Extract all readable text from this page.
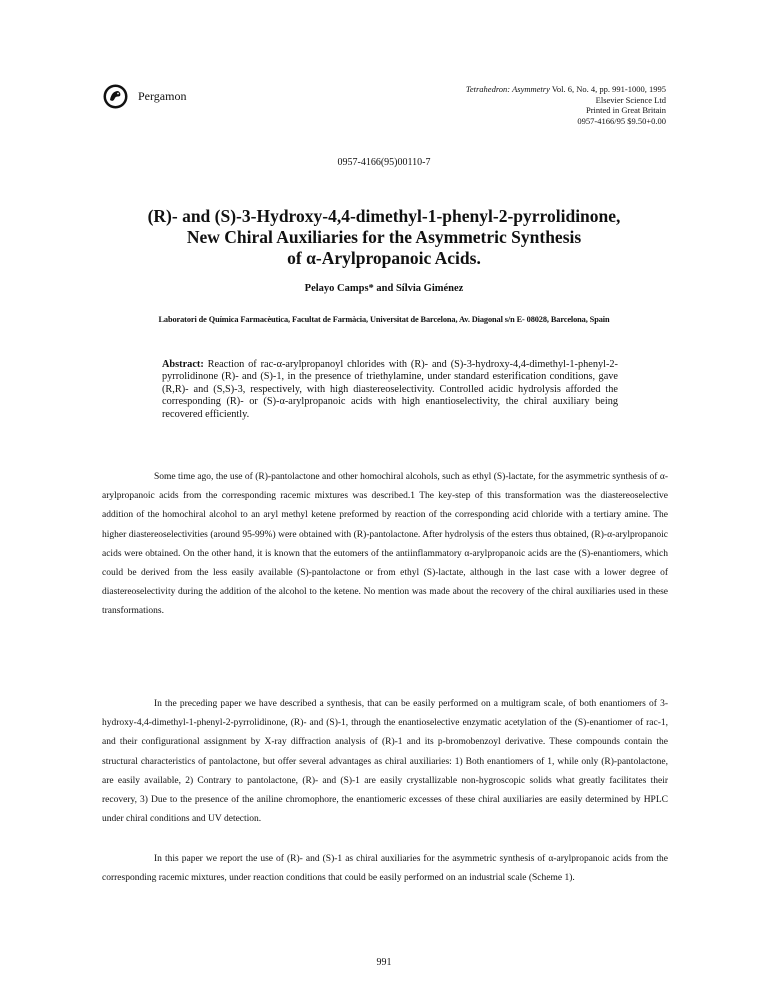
Pergamon	Tetrahedron: Asymmetry Vol. 6, No. 4, pp. 991-1000, 1995
Elsevier Science Ltd
Printed in Great Britain
0957-4166/95 $9.50+0.00
0957-4166(95)00110-7
(R)- and (S)-3-Hydroxy-4,4-dimethyl-1-phenyl-2-pyrrolidinone,
New Chiral Auxiliaries for the Asymmetric Synthesis
of α-Arylpropanoic Acids.
Pelayo Camps* and Sílvia Giménez
Laboratori de Química Farmacèutica, Facultat de Farmàcia, Universitat de Barcelona, Av. Diagonal s/n E- 08028, Barcelona, Spain

Abstract: Reaction of rac-α-arylpropanoyl chlorides with (R)- and (S)-3-hydroxy-4,4-dimethyl-1-phenyl-2-pyrrolidinone (R)- and (S)-1, in the presence of triethylamine, under standard esterification conditions, gave (R,R)- and (S,S)-3, respectively, with high diastereoselectivity. Controlled acidic hydrolysis afforded the corresponding (R)- or (S)-α-arylpropanoic acids with high enantioselectivity, the chiral auxiliary being recovered efficiently.

Some time ago, the use of (R)-pantolactone and other homochiral alcohols, such as ethyl (S)-lactate, for the asymmetric synthesis of α-arylpropanoic acids from the corresponding racemic mixtures was described.1 The key-step of this transformation was the diastereoselective addition of the homochiral alcohol to an aryl methyl ketene preformed by reaction of the corresponding acid chloride with a tertiary amine. The higher diastereoselectivities (around 95-99%) were obtained with (R)-pantolactone. After hydrolysis of the esters thus obtained, (R)-α-arylpropanoic acids were obtained. On the other hand, it is known that the eutomers of the antiinflammatory α-arylpropanoic acids are the (S)-enantiomers, which could be derived from the less easily available (S)-pantolactone or from ethyl (S)-lactate, although in the last case with a lower degree of diastereoselectivity during the addition of the alcohol to the ketene. No mention was made about the recovery of the chiral auxiliaries used in these transformations.

In the preceding paper we have described a synthesis, that can be easily performed on a multigram scale, of both enantiomers of 3-hydroxy-4,4-dimethyl-1-phenyl-2-pyrrolidinone, (R)- and (S)-1, through the enantioselective enzymatic acetylation of the (S)-enantiomer of rac-1, and their configurational assignment by X-ray diffraction analysis of (R)-1 and its p-bromobenzoyl derivative. These compounds contain the structural characteristics of pantolactone, but offer several advantages as chiral auxiliaries: 1) Both enantiomers of 1, while only (R)-pantolactone, are easily available, 2) Contrary to pantolactone, (R)- and (S)-1 are easily crystallizable non-hygroscopic solids what greatly facilitates their recovery, 3) Due to the presence of the aniline chromophore, the enantiomeric excesses of these chiral auxiliaries are easily determined by HPLC under chiral conditions and UV detection.

In this paper we report the use of (R)- and (S)-1 as chiral auxiliaries for the asymmetric synthesis of α-arylpropanoic acids from the corresponding racemic mixtures, under reaction conditions that could be easily performed on an industrial scale (Scheme 1).

991
